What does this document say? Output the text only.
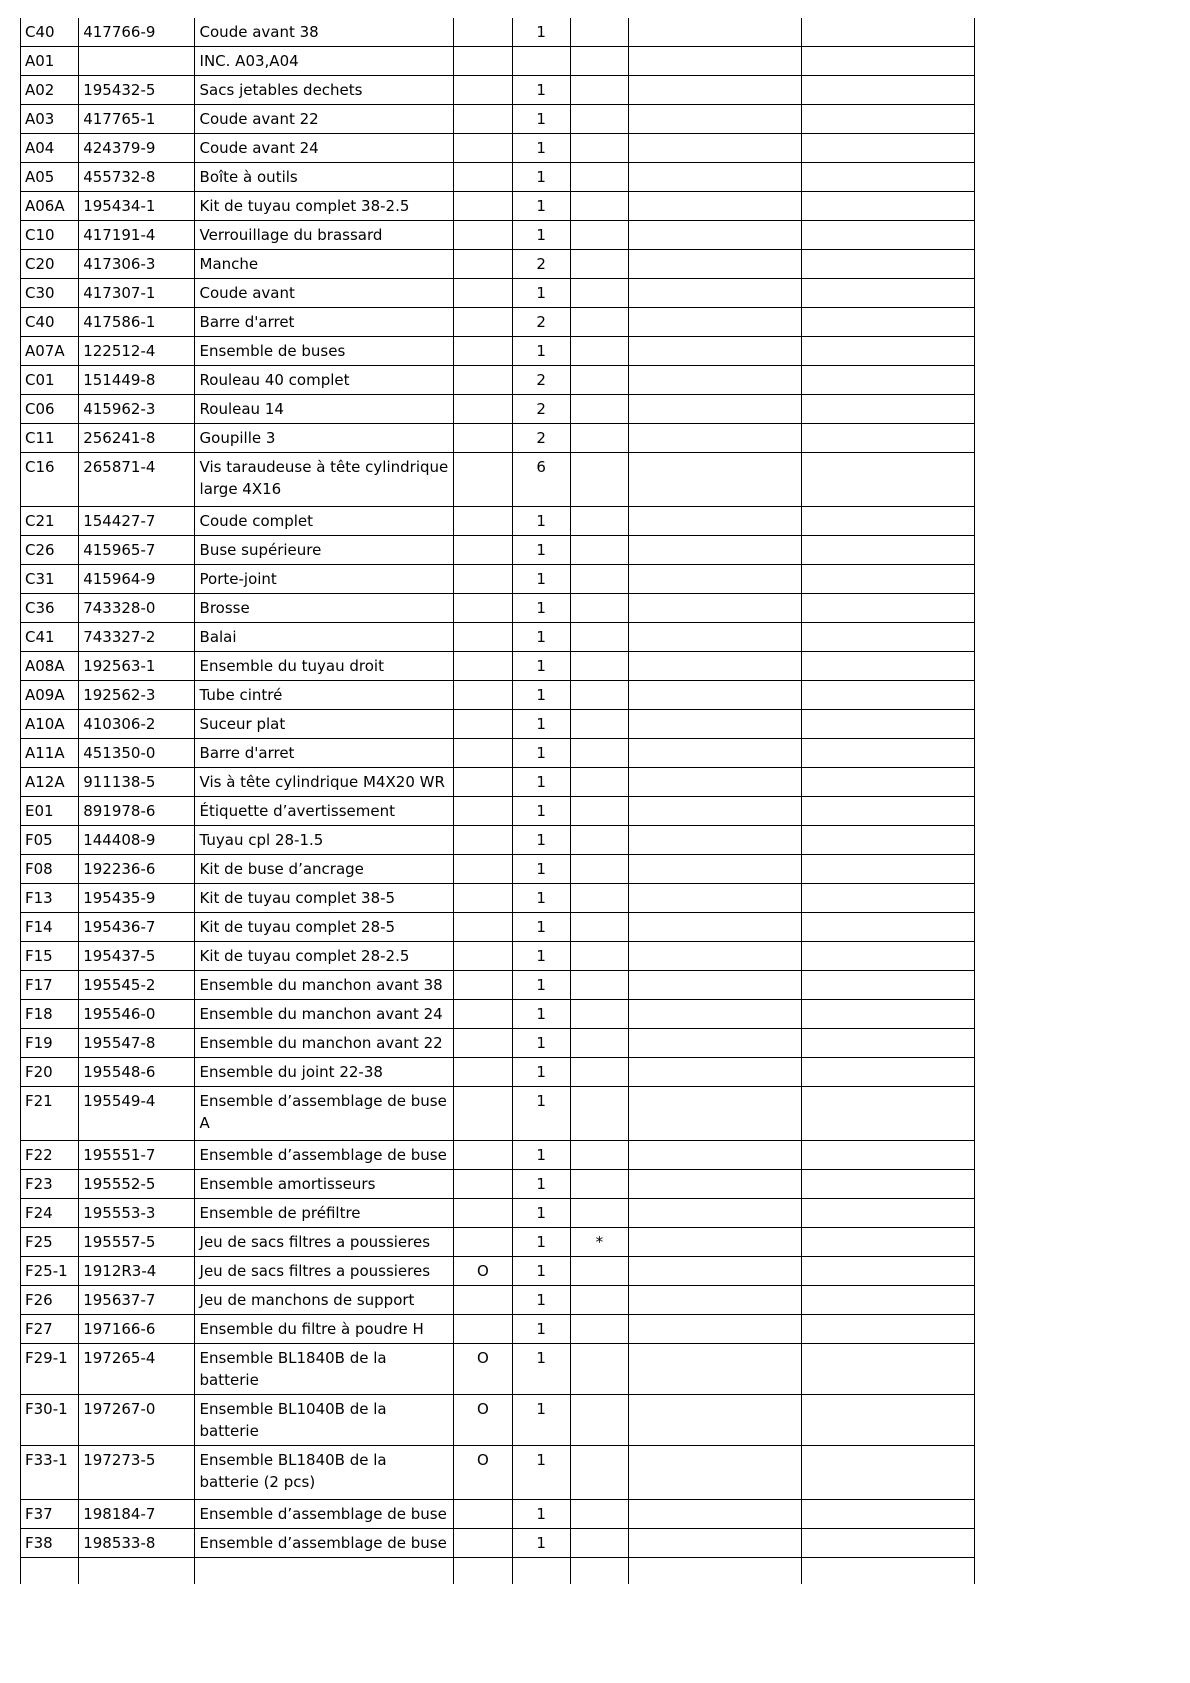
C40	417766-9	Coude avant 38		1			
A01		INC. A03,A04					
A02	195432-5	Sacs jetables dechets		1			
A03	417765-1	Coude avant 22		1			
A04	424379-9	Coude avant 24		1			
A05	455732-8	Boîte à outils		1			
A06A	195434-1	Kit de tuyau complet 38-2.5		1			
C10	417191-4	Verrouillage du brassard		1			
C20	417306-3	Manche		2			
C30	417307-1	Coude avant		1			
C40	417586-1	Barre d'arret		2			
A07A	122512-4	Ensemble de buses		1			
C01	151449-8	Rouleau 40 complet		2			
C06	415962-3	Rouleau 14		2			
C11	256241-8	Goupille 3		2			
C16	265871-4	Vis taraudeuse à tête cylindrique large 4X16		6			
C21	154427-7	Coude complet		1			
C26	415965-7	Buse supérieure		1			
C31	415964-9	Porte-joint		1			
C36	743328-0	Brosse		1			
C41	743327-2	Balai		1			
A08A	192563-1	Ensemble du tuyau droit		1			
A09A	192562-3	Tube cintré		1			
A10A	410306-2	Suceur plat		1			
A11A	451350-0	Barre d'arret		1			
A12A	911138-5	Vis à tête cylindrique M4X20 WR		1			
E01	891978-6	Étiquette d’avertissement		1			
F05	144408-9	Tuyau cpl 28-1.5		1			
F08	192236-6	Kit de buse d’ancrage		1			
F13	195435-9	Kit de tuyau complet 38-5		1			
F14	195436-7	Kit de tuyau complet 28-5		1			
F15	195437-5	Kit de tuyau complet 28-2.5		1			
F17	195545-2	Ensemble du manchon avant 38		1			
F18	195546-0	Ensemble du manchon avant 24		1			
F19	195547-8	Ensemble du manchon avant 22		1			
F20	195548-6	Ensemble du joint 22-38		1			
F21	195549-4	Ensemble d’assemblage de buse A		1			
F22	195551-7	Ensemble d’assemblage de buse		1			
F23	195552-5	Ensemble amortisseurs		1			
F24	195553-3	Ensemble de préfiltre		1			
F25	195557-5	Jeu de sacs filtres a poussieres		1	*		
F25-1	1912R3-4	Jeu de sacs filtres a poussieres	O	1			
F26	195637-7	Jeu de manchons de support		1			
F27	197166-6	Ensemble du filtre à poudre H		1			
F29-1	197265-4	Ensemble BL1840B de la batterie	O	1			
F30-1	197267-0	Ensemble BL1040B de la batterie	O	1			
F33-1	197273-5	Ensemble BL1840B de la batterie (2 pcs)	O	1			
F37	198184-7	Ensemble d’assemblage de buse		1			
F38	198533-8	Ensemble d’assemblage de buse		1			
